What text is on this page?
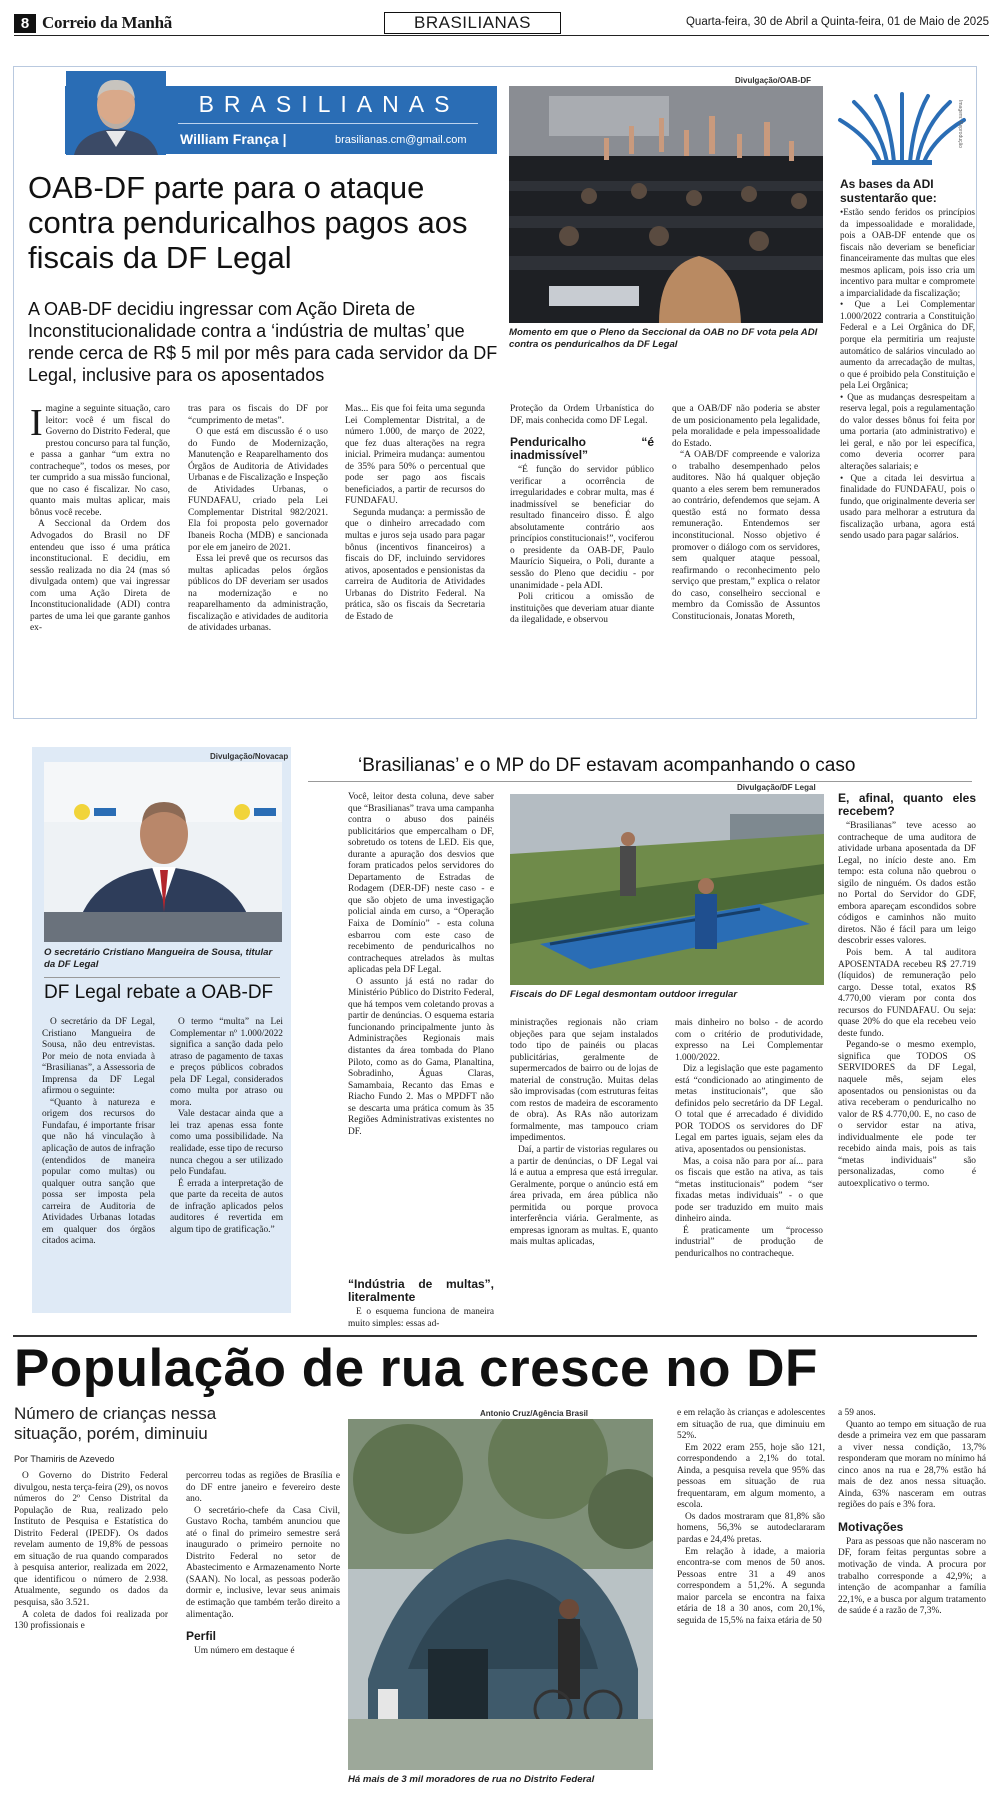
8 Correio da Manhã	BRASILIANAS	Quarta-feira, 30 de Abril a Quinta-feira, 01 de Maio de 2025
BRASILIANAS
William França |	brasilianas.cm@gmail.com
Divulgação/OAB-DF
Momento em que o Pleno da Seccional da OAB no DF vota pela ADI contra os penduricalhos da DF Legal
Imagem: Reprodução
OAB-DF parte para o ataque contra penduricalhos pagos aos fiscais da DF Legal
A OAB-DF decidiu ingressar com Ação Direta de Inconstitucionalidade contra a ‘indústria de multas’ que rende cerca de R$ 5 mil por mês para cada servidor da DF Legal, inclusive para os aposentados

Imagine a seguinte situação, caro leitor: você é um fiscal do Governo do Distrito Federal, que prestou concurso para tal função, e passa a ganhar “um extra no contracheque”, todos os meses, por ter cumprido a sua missão funcional, que no caso é fiscalizar. No caso, quanto mais multas aplicar, mais bônus você recebe.

A Seccional da Ordem dos Advogados do Brasil no DF entendeu que isso é uma prática inconstitucional. E decidiu, em sessão realizada no dia 24 (mas só divulgada ontem) que vai ingressar com uma Ação Direta de Inconstitucionalidade (ADI) contra partes de uma lei que garante ganhos ex-

tras para os fiscais do DF por “cumprimento de metas”.

O que está em discussão é o uso do Fundo de Modernização, Manutenção e Reaparelhamento dos Órgãos de Auditoria de Atividades Urbanas e de Fiscalização e Inspeção de Atividades Urbanas, o FUNDAFAU, criado pela Lei Complementar Distrital 982/2021. Ela foi proposta pelo governador Ibaneis Rocha (MDB) e sancionada por ele em janeiro de 2021.

Essa lei prevê que os recursos das multas aplicadas pelos órgãos públicos do DF deveriam ser usados na modernização e no reaparelhamento da administração, fiscalização e atividades de auditoria de atividades urbanas.

Mas... Eis que foi feita uma segunda Lei Complementar Distrital, a de número 1.000, de março de 2022, que fez duas alterações na regra inicial. Primeira mudança: aumentou de 35% para 50% o percentual que pode ser pago aos fiscais beneficiados, a partir de recursos do FUNDAFAU.

Segunda mudança: a permissão de que o dinheiro arrecadado com multas e juros seja usado para pagar bônus (incentivos financeiros) a fiscais do DF, incluindo servidores ativos, aposentados e pensionistas da carreira de Auditoria de Atividades Urbanas do Distrito Federal. Na prática, são os fiscais da Secretaria de Estado de

Proteção da Ordem Urbanística do DF, mais conhecida como DF Legal.

Penduricalho “é inadmissível”

“É função do servidor público verificar a ocorrência de irregularidades e cobrar multa, mas é inadmissível se beneficiar do resultado financeiro disso. É algo absolutamente contrário aos princípios constitucionais!”, vociferou o presidente da OAB-DF, Paulo Maurício Siqueira, o Poli, durante a sessão do Pleno que decidiu - por unanimidade - pela ADI.

Poli criticou a omissão de instituições que deveriam atuar diante da ilegalidade, e observou

que a OAB/DF não poderia se abster de um posicionamento pela legalidade, pela moralidade e pela impessoalidade do Estado.

“A OAB/DF compreende e valoriza o trabalho desempenhado pelos auditores. Não há qualquer objeção quanto a eles serem bem remunerados ao contrário, defendemos que sejam. A questão está no formato dessa remuneração. Entendemos ser inconstitucional. Nosso objetivo é promover o diálogo com os servidores, sem qualquer ataque pessoal, reafirmando o reconhecimento pelo serviço que prestam,” explica o relator do caso, conselheiro seccional e membro da Comissão de Assuntos Constitucionais, Jonatas Moreth,

As bases da ADI sustentarão que:

•Estão sendo feridos os princípios da impessoalidade e moralidade, pois a OAB-DF entende que os fiscais não deveriam se beneficiar financeiramente das multas que eles mesmos aplicam, pois isso cria um incentivo para multar e compromete a imparcialidade da fiscalização;

• Que a Lei Complementar 1.000/2022 contraria a Constituição Federal e a Lei Orgânica do DF, porque ela permitiria um reajuste automático de salários vinculado ao aumento da arrecadação de multas, o que é proibido pela Constituição e pela Lei Orgânica;

• Que as mudanças desrespeitam a reserva legal, pois a regulamentação do valor desses bônus foi feita por uma portaria (ato administrativo) e lei geral, e não por lei específica, como deveria ocorrer para alterações salariais; e

• Que a citada lei desvirtua a finalidade do FUNDAFAU, pois o fundo, que originalmente deveria ser usado para melhorar a estrutura da fiscalização urbana, agora está sendo usado para pagar salários.

Divulgação/Novacap
O secretário Cristiano Mangueira de Sousa, titular da DF Legal
DF Legal rebate a OAB-DF

O secretário da DF Legal, Cristiano Mangueira de Sousa, não deu entrevistas. Por meio de nota enviada à “Brasilianas”, a Assessoria de Imprensa da DF Legal afirmou o seguinte:

“Quanto à natureza e origem dos recursos do Fundafau, é importante frisar que não há vinculação à aplicação de autos de infração (entendidos de maneira popular como multas) ou qualquer outra sanção que possa ser imposta pela carreira de Auditoria de Atividades Urbanas lotadas em qualquer dos órgãos citados acima.

O termo “multa” na Lei Complementar nº 1.000/2022 significa a sanção dada pelo atraso de pagamento de taxas e preços públicos cobrados pela DF Legal, considerados como multa por atraso ou mora.

Vale destacar ainda que a lei traz apenas essa fonte como uma possibilidade. Na realidade, esse tipo de recurso nunca chegou a ser utilizado pelo Fundafau.

É errada a interpretação de que parte da receita de autos de infração aplicados pelos auditores é revertida em algum tipo de gratificação.”

‘Brasilianas’ e o MP do DF estavam acompanhando o caso

Você, leitor desta coluna, deve saber que “Brasilianas” trava uma campanha contra o abuso dos painéis publicitários que empercalham o DF, sobretudo os totens de LED. Eis que, durante a apuração dos desvios que foram praticados pelos servidores do Departamento de Estradas de Rodagem (DER-DF) neste caso - e que são objeto de uma investigação policial ainda em curso, a “Operação Faixa de Domínio” - esta coluna esbarrou com este caso de recebimento de penduricalhos no contracheques atrelados às multas aplicadas pela DF Legal.

O assunto já está no radar do Ministério Público do Distrito Federal, que há tempos vem coletando provas a partir de denúncias. O esquema estaria funcionando principalmente junto às Administrações Regionais mais distantes da área tombada do Plano Piloto, como as do Gama, Planaltina, Sobradinho, Águas Claras, Samambaia, Recanto das Emas e Riacho Fundo 2. Mas o MPDFT não se descarta uma prática comum às 35 Regiões Administrativas existentes no DF.

Divulgação/DF Legal
Fiscais do DF Legal desmontam outdoor irregular

ministrações regionais não criam objeções para que sejam instalados todo tipo de painéis ou placas publicitárias, geralmente de supermercados de bairro ou de lojas de material de construção. Muitas delas são improvisadas (com estruturas feitas com restos de madeira de escoramento de obra). As RAs não autorizam formalmente, mas tampouco criam impedimentos.

Daí, a partir de vistorias regulares ou a partir de denúncias, o DF Legal vai lá e autua a empresa que está irregular. Geralmente, porque o anúncio está em área privada, em área pública não permitida ou porque provoca interferência viária. Geralmente, as empresas ignoram as multas. E, quanto mais multas aplicadas,

“Indústria de multas”, literalmente

E o esquema funciona de maneira muito simples: essas ad-

mais dinheiro no bolso - de acordo com o critério de produtividade, expresso na Lei Complementar 1.000/2022.

Diz a legislação que este pagamento está “condicionado ao atingimento de metas institucionais”, que são definidos pelo secretário da DF Legal. O total que é arrecadado é dividido POR TODOS os servidores do DF Legal em partes iguais, sejam eles da ativa, aposentados ou pensionistas.

Mas, a coisa não para por aí... para os fiscais que estão na ativa, as tais “metas institucionais” podem “ser fixadas metas individuais” - o que pode ser traduzido em muito mais dinheiro ainda.

É praticamente um “processo industrial” de produção de penduricalhos no contracheque.

E, afinal, quanto eles recebem?

“Brasilianas” teve acesso ao contracheque de uma auditora de atividade urbana aposentada da DF Legal, no início deste ano. Em tempo: esta coluna não quebrou o sigilo de ninguém. Os dados estão no Portal do Servidor do GDF, embora apareçam escondidos sobre códigos e caminhos não muito diretos. Não é fácil para um leigo descobrir esses valores.

Pois bem. A tal auditora APOSENTADA recebeu R$ 27.719 (líquidos) de remuneração pelo cargo. Desse total, exatos R$ 4.770,00 vieram por conta dos recursos do FUNDAFAU. Ou seja: quase 20% do que ela recebeu veio deste fundo.

Pegando-se o mesmo exemplo, significa que TODOS OS SERVIDORES da DF Legal, naquele mês, sejam eles aposentados ou pensionistas ou da ativa receberam o penduricalho no valor de R$ 4.770,00. E, no caso de o servidor estar na ativa, individualmente ele pode ter recebido ainda mais, pois as tais “metas individuais” são personalizadas, como é autoexplicativo o termo.

População de rua cresce no DF
Número de crianças nessa situação, porém, diminuiu
Por Thamiris de Azevedo

O Governo do Distrito Federal divulgou, nesta terça-feira (29), os novos números do 2º Censo Distrital da População de Rua, realizado pelo Instituto de Pesquisa e Estatística do Distrito Federal (IPEDF). Os dados revelam aumento de 19,8% de pessoas em situação de rua quando comparados à pesquisa anterior, realizada em 2022, que identificou o número de 2.938. Atualmente, segundo os dados da pesquisa, são 3.521.

A coleta de dados foi realizada por 130 profissionais e

percorreu todas as regiões de Brasília e do DF entre janeiro e fevereiro deste ano.

O secretário-chefe da Casa Civil, Gustavo Rocha, também anunciou que até o final do primeiro semestre será inaugurado o primeiro pernoite no Distrito Federal no setor de Abastecimento e Armazenamento Norte (SAAN). No local, as pessoas poderão dormir e, inclusive, levar seus animais de estimação que também terão direito a alimentação.

Perfil

Um número em destaque é

Antonio Cruz/Agência Brasil
Há mais de 3 mil moradores de rua no Distrito Federal

e em relação às crianças e adolescentes em situação de rua, que diminuiu em 52%.

Em 2022 eram 255, hoje são 121, correspondendo a 2,1% do total. Ainda, a pesquisa revela que 95% das pessoas em situação de rua frequentaram, em algum momento, a escola.

Os dados mostraram que 81,8% são homens, 56,3% se autodeclararam pardas e 24,4% pretas.

Em relação à idade, a maioria encontra-se com menos de 50 anos. Pessoas entre 31 a 49 anos correspondem a 51,2%. A segunda maior parcela se encontra na faixa etária de 18 a 30 anos, com 20,1%, seguida de 15,5% na faixa etária de 50

a 59 anos.

Quanto ao tempo em situação de rua desde a primeira vez em que passaram a viver nessa condição, 13,7% responderam que moram no mínimo há cinco anos na rua e 28,7% estão há mais de dez anos nessa situação. Ainda, 63% nasceram em outras regiões do país e 3% fora.

Motivações

Para as pessoas que não nasceram no DF, foram feitas perguntas sobre a motivação de vinda. A procura por trabalho corresponde a 42,9%; a intenção de acompanhar a família 22,1%, e a busca por algum tratamento de saúde é a razão de 7,3%.
